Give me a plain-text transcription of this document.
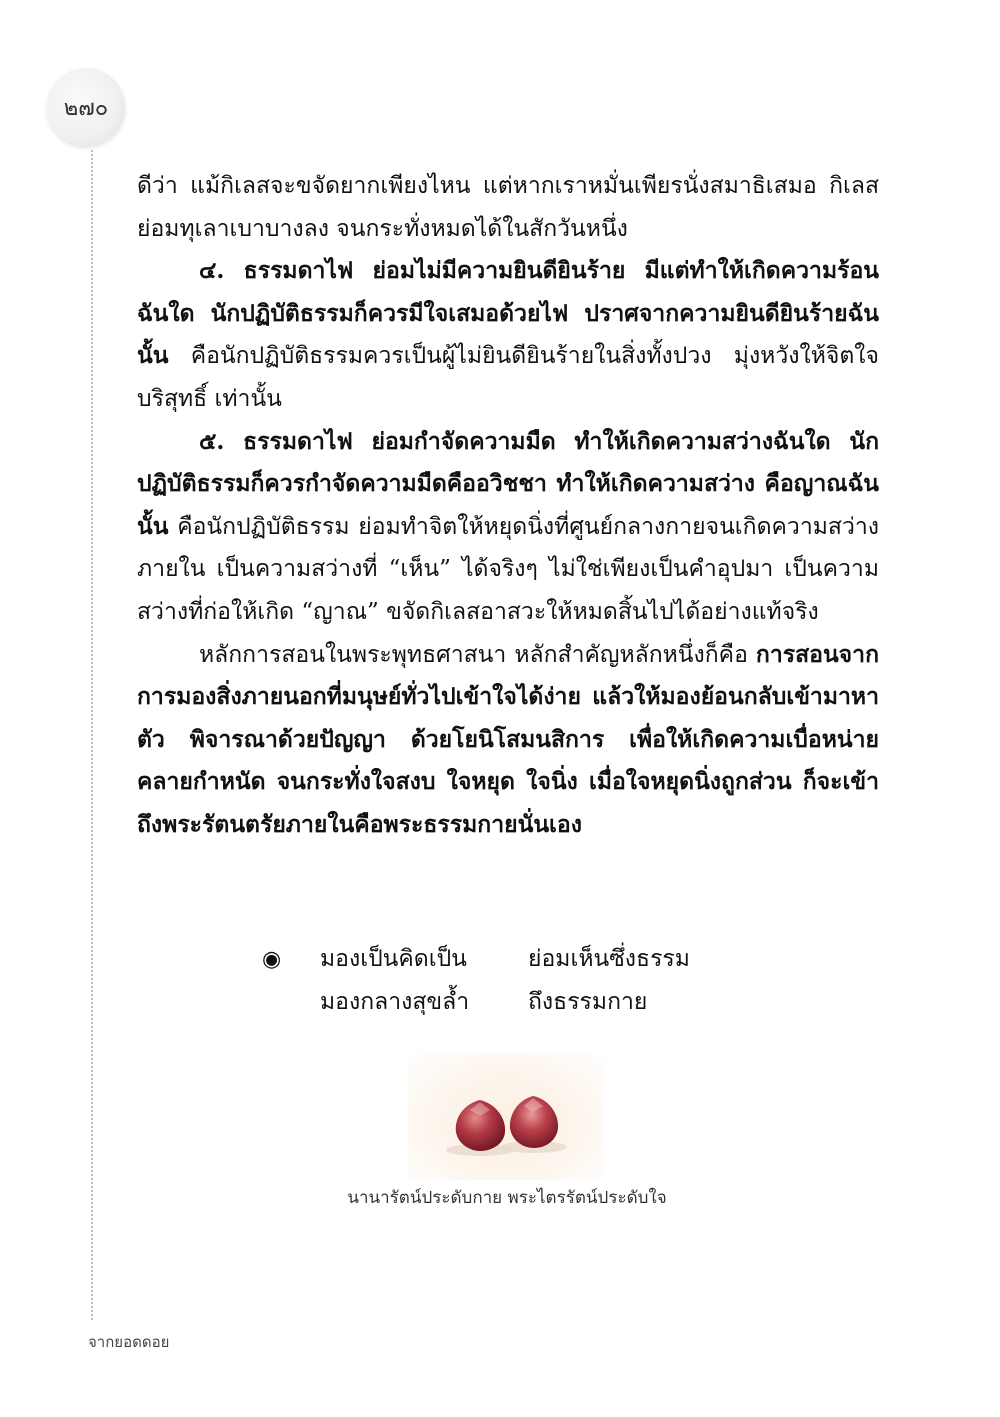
๒๗๐

ดีว่า แม้กิเลสจะขจัดยากเพียงไหน แต่หากเราหมั่นเพียรนั่งสมาธิเสมอ กิเลสย่อมทุเลาเบาบางลง จนกระทั่งหมดได้ในสักวันหนึ่ง

๔. ธรรมดาไฟ ย่อมไม่มีความยินดียินร้าย มีแต่ทำให้เกิดความร้อนฉันใด นักปฏิบัติธรรมก็ควรมีใจเสมอด้วยไฟ ปราศจากความยินดียินร้ายฉันนั้น คือนักปฏิบัติธรรมควรเป็นผู้ไม่ยินดียินร้ายในสิ่งทั้งปวง มุ่งหวังให้จิตใจบริสุทธิ์ เท่านั้น

๕. ธรรมดาไฟ ย่อมกำจัดความมืด ทำให้เกิดความสว่างฉันใด นักปฏิบัติธรรมก็ควรกำจัดความมืดคืออวิชชา ทำให้เกิดความสว่าง คือญาณฉันนั้น คือนักปฏิบัติธรรม ย่อมทำจิตให้หยุดนิ่งที่ศูนย์กลางกายจนเกิดความสว่างภายใน เป็นความสว่างที่ “เห็น” ได้จริงๆ ไม่ใช่เพียงเป็นคำอุปมา เป็นความสว่างที่ก่อให้เกิด “ญาณ” ขจัดกิเลสอาสวะให้หมดสิ้นไปได้อย่างแท้จริง

หลักการสอนในพระพุทธศาสนา หลักสำคัญหลักหนึ่งก็คือ การสอนจากการมองสิ่งภายนอกที่มนุษย์ทั่วไปเข้าใจได้ง่าย แล้วให้มองย้อนกลับเข้ามาหาตัว พิจารณาด้วยปัญญา ด้วยโยนิโสมนสิการ เพื่อให้เกิดความเบื่อหน่ายคลายกำหนัด จนกระทั่งใจสงบ ใจหยุด ใจนิ่ง เมื่อใจหยุดนิ่งถูกส่วน ก็จะเข้าถึงพระรัตนตรัยภายในคือพระธรรมกายนั่นเอง

◉ มองเป็นคิดเป็น	ย่อมเห็นซึ่งธรรม
มองกลางสุขล้ำ	ถึงธรรมกาย
นานารัตน์ประดับกาย พระไตรรัตน์ประดับใจ
จากยอดดอย
